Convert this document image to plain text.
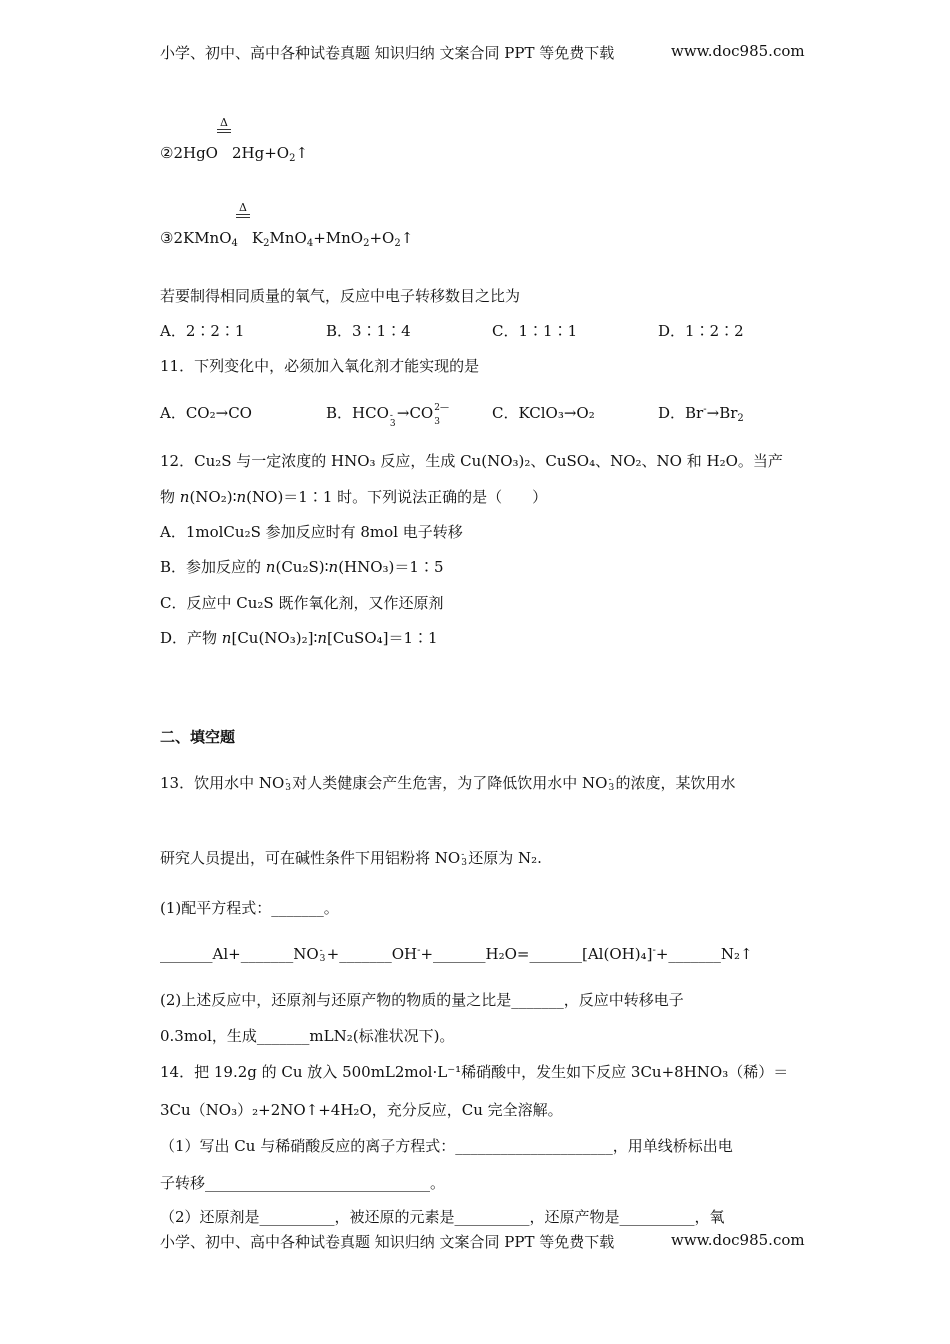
小学、初中、高中各种试卷真题 知识归纳 文案合同 PPT 等免费下载	www.doc985.com
Δ
②2HgO $2Hg+O_2↑$
Δ
③2KMnO$_4$ $K_2MnO_4+MnO_2+O_2↑$
若要制得相同质量的氧气，反应中电子转移数目之比为
A．2∶2∶1	B．3∶1∶4	C．1∶1∶1	D．1∶2∶2
11．下列变化中，必须加入氧化剂才能实现的是
A．CO₂→CO	B．HCO -
3
→CO 2—
3	C．KClO₃→O₂	D．$Br^-\to Br_2$
12．Cu₂S 与一定浓度的 HNO₃ 反应，生成 Cu(NO₃)₂、CuSO₄、NO₂、NO 和 H₂O。当产
物 n(NO₂)∶n(NO)＝1∶1 时。下列说法正确的是（　　）
A．1molCu₂S 参加反应时有 8mol 电子转移
B．参加反应的 n(Cu₂S)∶n(HNO₃)＝1∶5
C．反应中 Cu₂S 既作氧化剂，又作还原剂
D．产物 n[Cu(NO₃)₂]∶n[CuSO₄]＝1∶1
二、填空题
13．饮用水中 NO -
3 对人类健康会产生危害，为了降低饮用水中 NO -
3 的浓度，某饮用水
研究人员提出，可在碱性条件下用铝粉将 NO -
3 还原为 N₂.
(1)配平方程式：_______。
_______Al+_______NO -
3 +_______OH-+_______H₂O=_______[Al(OH)₄]-+_______N₂↑
(2)上述反应中，还原剂与还原产物的物质的量之比是_______，反应中转移电子
0.3mol，生成_______mLN₂(标准状况下)。
14．把 19.2g 的 Cu 放入 500mL2mol·L⁻¹稀硝酸中，发生如下反应 3Cu+8HNO₃（稀）＝
3Cu（NO₃）₂+2NO↑+4H₂O，充分反应，Cu 完全溶解。
（1）写出 Cu 与稀硝酸反应的离子方程式：_____________________，用单线桥标出电
子转移______________________________。
（2）还原剂是__________，被还原的元素是__________，还原产物是__________，氧
小学、初中、高中各种试卷真题 知识归纳 文案合同 PPT 等免费下载	www.doc985.com
